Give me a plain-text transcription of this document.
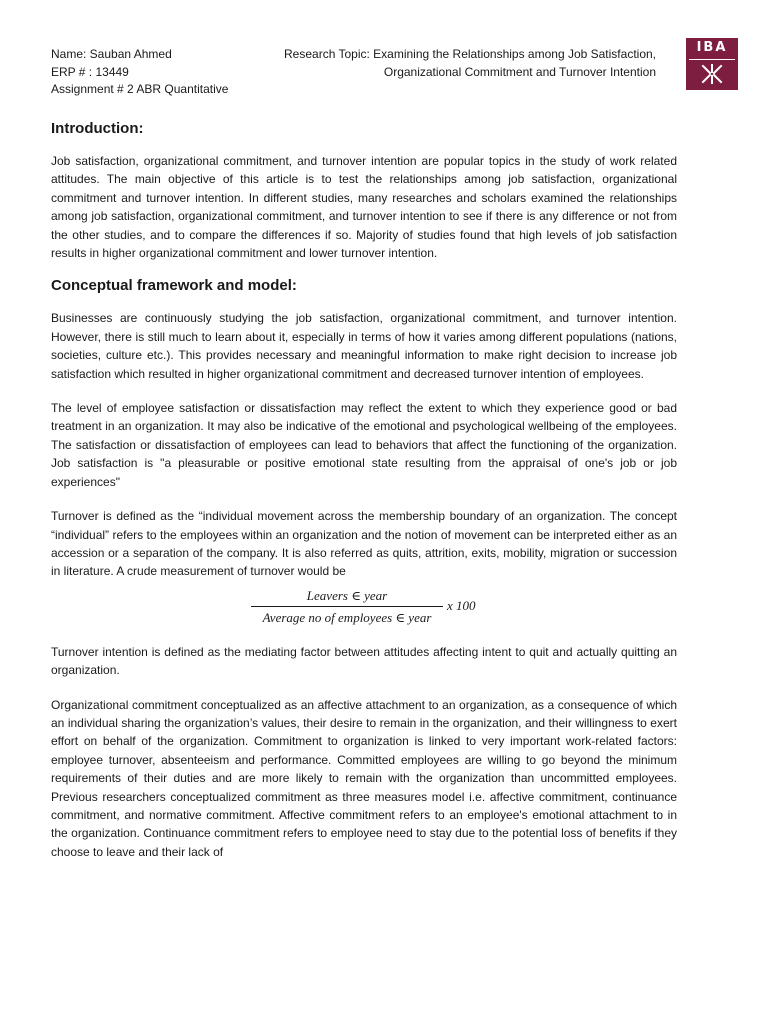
Name: Sauban Ahmed
ERP # : 13449
Assignment # 2 ABR Quantitative
Research Topic: Examining the Relationships among Job Satisfaction,
Organizational Commitment and Turnover Intention
IBA
Introduction:

Job satisfaction, organizational commitment, and turnover intention are popular topics in the study of work related attitudes. The main objective of this article is to test the relationships among job satisfaction, organizational commitment and turnover intention. In different studies, many researches and scholars examined the relationships among job satisfaction, organizational commitment, and turnover intention to see if there is any difference or not from the other studies, and to compare the differences if so. Majority of studies found that high levels of job satisfaction results in higher organizational commitment and lower turnover intention.

Conceptual framework and model:

Businesses are continuously studying the job satisfaction, organizational commitment, and turnover intention. However, there is still much to learn about it, especially in terms of how it varies among different populations (nations, societies, culture etc.). This provides necessary and meaningful information to make right decision to increase job satisfaction which resulted in higher organizational commitment and decreased turnover intention of employees.

The level of employee satisfaction or dissatisfaction may reflect the extent to which they experience good or bad treatment in an organization. It may also be indicative of the emotional and psychological wellbeing of the employees. The satisfaction or dissatisfaction of employees can lead to behaviors that affect the functioning of the organization. Job satisfaction is "a pleasurable or positive emotional state resulting from the appraisal of one's job or job experiences"

Turnover is defined as the “individual movement across the membership boundary of an organization. The concept “individual” refers to the employees within an organization and the notion of movement can be interpreted either as an accession or a separation of the company. It is also referred as quits, attrition, exits, mobility, migration or succession in literature. A crude measurement of turnover would be

Leavers ∈ year
Average no of employees ∈ year
x 100

Turnover intention is defined as the mediating factor between attitudes affecting intent to quit and actually quitting an organization.

Organizational commitment conceptualized as an affective attachment to an organization, as a consequence of which an individual sharing the organization’s values, their desire to remain in the organization, and their willingness to exert effort on behalf of the organization. Commitment to organization is linked to very important work-related factors: employee turnover, absenteeism and performance. Committed employees are willing to go beyond the minimum requirements of their duties and are more likely to remain with the organization than uncommitted employees. Previous researchers conceptualized commitment as three measures model i.e. affective commitment, continuance commitment, and normative commitment. Affective commitment refers to an employee's emotional attachment to in the organization. Continuance commitment refers to employee need to stay due to the potential loss of benefits if they choose to leave and their lack of
